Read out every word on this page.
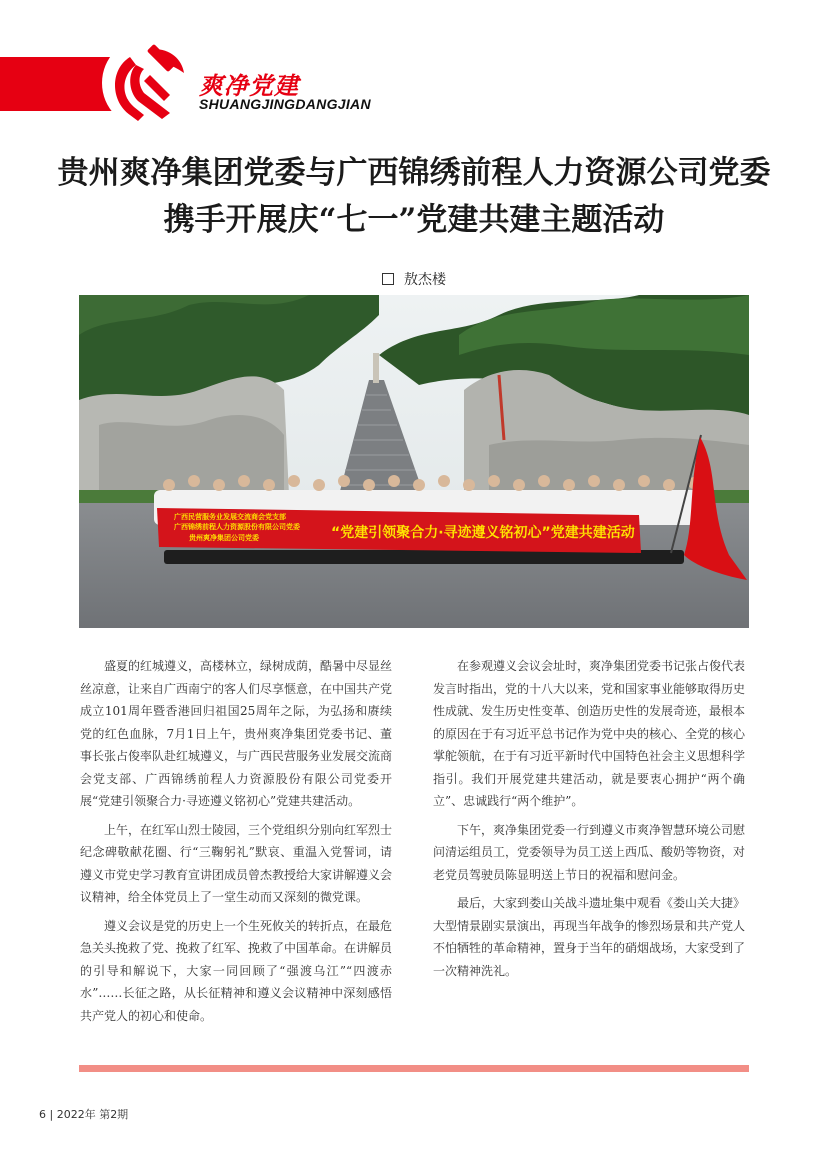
爽净党建
SHUANGJINGDANGJIAN
贵州爽净集团党委与广西锦绣前程人力资源公司党委
携手开展庆“七一”党建共建主题活动
敖杰楼
广西民营服务业发展交流商会党支部
广西锦绣前程人力资源股份有限公司党委
贵州爽净集团公司党委	“党建引领聚合力·寻迹遵义铭初心”党建共建活动

盛夏的红城遵义，高楼林立，绿树成荫，酷暑中尽显丝丝凉意，让来自广西南宁的客人们尽享惬意，在中国共产党成立101周年暨香港回归祖国25周年之际，为弘扬和赓续党的红色血脉，7月1日上午，贵州爽净集团党委书记、董事长张占俊率队赴红城遵义，与广西民营服务业发展交流商会党支部、广西锦绣前程人力资源股份有限公司党委开展“党建引领聚合力·寻迹遵义铭初心”党建共建活动。

上午，在红军山烈士陵园，三个党组织分别向红军烈士纪念碑敬献花圈、行“三鞠躬礼”默哀、重温入党誓词，请遵义市党史学习教育宣讲团成员曾杰教授给大家讲解遵义会议精神，给全体党员上了一堂生动而又深刻的微党课。

遵义会议是党的历史上一个生死攸关的转折点，在最危急关头挽救了党、挽救了红军、挽救了中国革命。在讲解员的引导和解说下，大家一同回顾了“强渡乌江”“四渡赤水”……长征之路，从长征精神和遵义会议精神中深刻感悟共产党人的初心和使命。

在参观遵义会议会址时，爽净集团党委书记张占俊代表发言时指出，党的十八大以来，党和国家事业能够取得历史性成就、发生历史性变革、创造历史性的发展奇迹，最根本的原因在于有习近平总书记作为党中央的核心、全党的核心掌舵领航，在于有习近平新时代中国特色社会主义思想科学指引。我们开展党建共建活动，就是要衷心拥护“两个确立”、忠诚践行“两个维护”。

下午，爽净集团党委一行到遵义市爽净智慧环境公司慰问清运组员工，党委领导为员工送上西瓜、酸奶等物资，对老党员驾驶员陈显明送上节日的祝福和慰问金。

最后，大家到娄山关战斗遗址集中观看《娄山关大捷》大型情景剧实景演出，再现当年战争的惨烈场景和共产党人不怕牺牲的革命精神，置身于当年的硝烟战场，大家受到了一次精神洗礼。

6 | 2022年 第2期
